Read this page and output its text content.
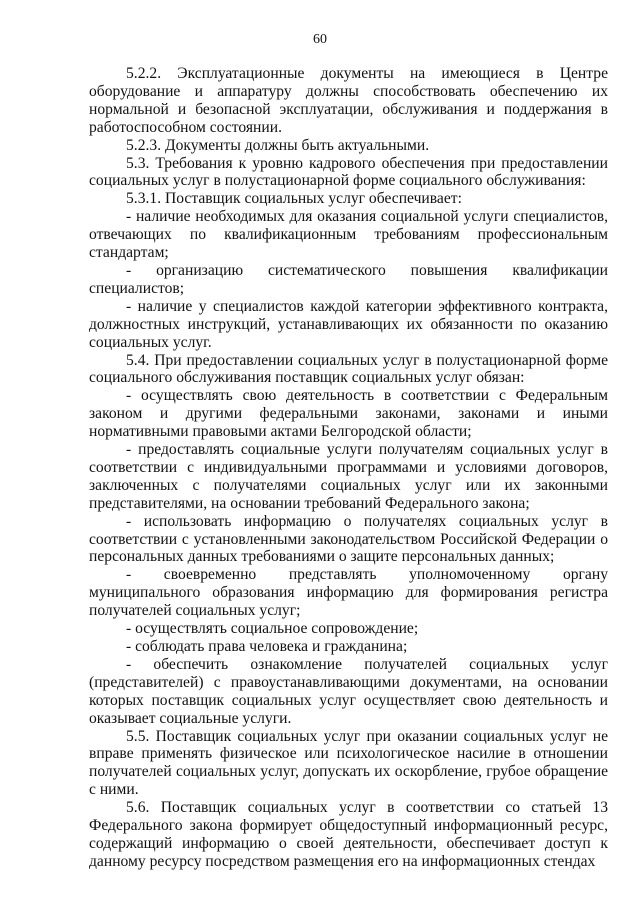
60

5.2.2. Эксплуатационные документы на имеющиеся в Центре оборудование и аппаратуру должны способствовать обеспечению их нормальной и безопасной эксплуатации, обслуживания и поддержания в работоспособном состоянии.

5.2.3. Документы должны быть актуальными.

5.3. Требования к уровню кадрового обеспечения при предоставлении социальных услуг в полустационарной форме социального обслуживания:

5.3.1. Поставщик социальных услуг обеспечивает:

- наличие необходимых для оказания социальной услуги специалистов, отвечающих по квалификационным требованиям профессиональным стандартам;

- организацию систематического повышения квалификации специалистов;

- наличие у специалистов каждой категории эффективного контракта, должностных инструкций, устанавливающих их обязанности по оказанию социальных услуг.

5.4. При предоставлении социальных услуг в полустационарной форме социального обслуживания поставщик социальных услуг обязан:

- осуществлять свою деятельность в соответствии с Федеральным законом и другими федеральными законами, законами и иными нормативными правовыми актами Белгородской области;

- предоставлять социальные услуги получателям социальных услуг в соответствии с индивидуальными программами и условиями договоров, заключенных с получателями социальных услуг или их законными представителями, на основании требований Федерального закона;

- использовать информацию о получателях социальных услуг в соответствии с установленными законодательством Российской Федерации о персональных данных требованиями о защите персональных данных;

- своевременно представлять уполномоченному органу муниципального образования информацию для формирования регистра получателей социальных услуг;

- осуществлять социальное сопровождение;

- соблюдать права человека и гражданина;

- обеспечить ознакомление получателей социальных услуг (представителей) с правоустанавливающими документами, на основании которых поставщик социальных услуг осуществляет свою деятельность и оказывает социальные услуги.

5.5. Поставщик социальных услуг при оказании социальных услуг не вправе применять физическое или психологическое насилие в отношении получателей социальных услуг, допускать их оскорбление, грубое обращение с ними.

5.6. Поставщик социальных услуг в соответствии со статьей 13 Федерального закона формирует общедоступный информационный ресурс, содержащий информацию о своей деятельности, обеспечивает доступ к данному ресурсу посредством размещения его на информационных стендах
